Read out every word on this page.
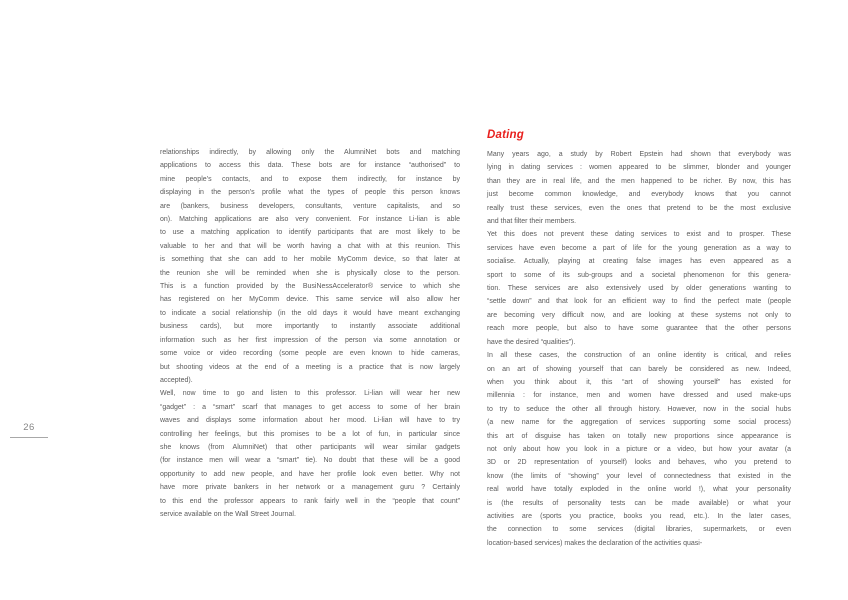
26
relationships indirectly, by allowing only the AlumniNet bots and matching
applications to access this data. These bots are for instance “authorised” to
mine people’s contacts, and to expose them indirectly, for instance by
displaying in the person’s profile what the types of people this person knows
are (bankers, business developers, consultants, venture capitalists, and so
on). Matching applications are also very convenient. For instance Li-lian is able
to use a matching application to identify participants that are most likely to be
valuable to her and that will be worth having a chat with at this reunion. This
is something that she can add to her mobile MyComm device, so that later at
the reunion she will be reminded when she is physically close to the person.
This is a function provided by the BusiNessAccelerator® service to which she
has registered on her MyComm device. This same service will also allow her
to indicate a social relationship (in the old days it would have meant exchanging
business cards), but more importantly to instantly associate additional
information such as her first impression of the person via some annotation or
some voice or video recording (some people are even known to hide cameras,
but shooting videos at the end of a meeting is a practice that is now largely
accepted).
Well, now time to go and listen to this professor. Li-lian will wear her new
“gadget” : a “smart” scarf that manages to get access to some of her brain
waves and displays some information about her mood. Li-lian will have to try
controlling her feelings, but this promises to be a lot of fun, in particular since
she knows (from AlumniNet) that other participants will wear similar gadgets
(for instance men will wear a “smart” tie). No doubt that these will be a good
opportunity to add new people, and have her profile look even better. Why not
have more private bankers in her network or a management guru ? Certainly
to this end the professor appears to rank fairly well in the “people that count”
service available on the Wall Street Journal.
Dating
Many years ago, a study by Robert Epstein had shown that everybody was
lying in dating services : women appeared to be slimmer, blonder and younger
than they are in real life, and the men happened to be richer. By now, this has
just become common knowledge, and everybody knows that you cannot
really trust these services, even the ones that pretend to be the most exclusive
and that filter their members.
Yet this does not prevent these dating services to exist and to prosper. These
services have even become a part of life for the young generation as a way to
socialise. Actually, playing at creating false images has even appeared as a
sport to some of its sub-groups and a societal phenomenon for this genera-
tion. These services are also extensively used by older generations wanting to
“settle down” and that look for an efficient way to find the perfect mate (people
are becoming very difficult now, and are looking at these systems not only to
reach more people, but also to have some guarantee that the other persons
have the desired “qualities”).
In all these cases, the construction of an online identity is critical, and relies
on an art of showing yourself that can barely be considered as new. Indeed,
when you think about it, this “art of showing yourself” has existed for
millennia : for instance, men and women have dressed and used make-ups
to try to seduce the other all through history. However, now in the social hubs
(a new name for the aggregation of services supporting some social process)
this art of disguise has taken on totally new proportions since appearance is
not only about how you look in a picture or a video, but how your avatar (a
3D or 2D representation of yourself) looks and behaves, who you pretend to
know (the limits of “showing” your level of connectedness that existed in the
real world have totally exploded in the online world !), what your personality
is (the results of personality tests can be made available) or what your
activities are (sports you practice, books you read, etc.). In the later cases,
the connection to some services (digital libraries, supermarkets, or even
location-based services) makes the declaration of the activities quasi-
